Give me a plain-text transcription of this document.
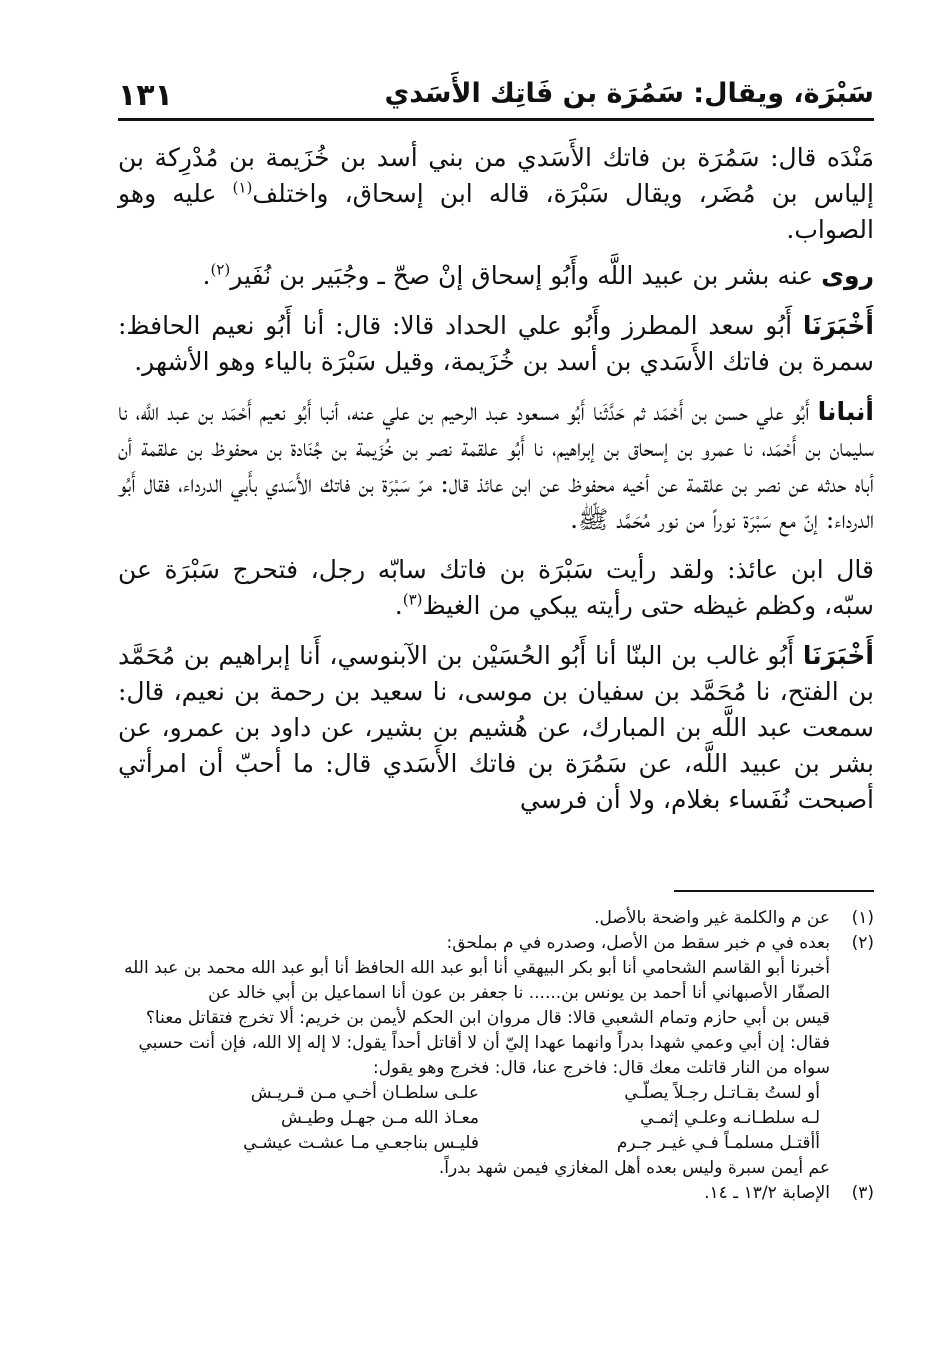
١٣١	سَبْرَة، ويقال: سَمُرَة بن فَاتِك الأَسَدي

مَنْدَه قال: سَمُرَة بن فاتك الأَسَدي من بني أسد بن خُزَيمة بن مُدْرِكة بن إلياس بن مُضَر، ويقال سَبْرَة، قاله ابن إسحاق، واختلف$^{(١)}$ عليه وهو الصواب.

روى عنه بشر بن عبيد اللَّه وأَبُو إسحاق إنْ صحّ ـ وجُبَير بن نُفَير$^{(٢)}$.

أَخْبَرَنَا أَبُو سعد المطرز وأَبُو علي الحداد قالا: قال: أنا أَبُو نعيم الحافظ: سمرة بن فاتك الأَسَدي بن أسد بن خُزَيمة، وقيل سَبْرَة بالياء وهو الأشهر.

أنبانا أَبُو علي حسن بن أَحْمَد ثم حَدَّثَنا أَبُو مسعود عبد الرحيم بن علي عنه، أنبا أَبُو نعيم أَحْمَد بن عبد اللَّه، نا سليمان بن أَحْمَد، نا عمرو بن إسحاق بن إبراهيم، نا أَبُو علقمة نصر بن خُزَيمة بن جُنَادة بن محفوظ بن علقمة أن أباه حدثه عن نصر بن علقمة عن أخيه محفوظ عن ابن عائذ قال: مرّ سَبْرَة بن فاتك الأَسَدي بأَبي الدرداء، فقال أَبُو الدرداء: إنّ مع سَبْرَة نوراً من نور مُحَمَّد ﷺ.

قال ابن عائذ: ولقد رأيت سَبْرَة بن فاتك سابّه رجل، فتحرج سَبْرَة عن سبّه، وكظم غيظه حتى رأيته يبكي من الغيظ$^{(٣)}$.

أَخْبَرَنَا أَبُو غالب بن البنّا أنا أَبُو الحُسَيْن بن الآبنوسي، أَنا إبراهيم بن مُحَمَّد بن الفتح، نا مُحَمَّد بن سفيان بن موسى، نا سعيد بن رحمة بن نعيم، قال: سمعت عبد اللَّه بن المبارك، عن هُشيم بن بشير، عن داود بن عمرو، عن بشر بن عبيد اللَّه، عن سَمُرَة بن فاتك الأَسَدي قال: ما أحبّ أن امرأتي أصبحت نُفَساء بغلام، ولا أن فرسي

(١)
عن م والكلمة غير واضحة بالأصل.
(٢)
بعده في م خبر سقط من الأصل، وصدره في م بملحق:
أخبرنا أبو القاسم الشحامي أنا أبو بكر البيهقي أنا أبو عبد الله الحافظ أنا أبو عبد الله محمد بن عبد الله
الصفّار الأصبهاني أنا أحمد بن يونس بن...... نا جعفر بن عون أنا اسماعيل بن أبي خالد عن
قيس بن أبي حازم وتمام الشعبي قالا: قال مروان ابن الحكم لأيمن بن خريم: ألا تخرج فتقاتل معنا؟
فقال: إن أبي وعمي شهدا بدراً وانهما عهدا إليّ أن لا أقاتل أحداً يقول: لا إله إلا الله، فإن أنت حسبي
سواه من النار قاتلت معك قال: فاخرج عنا، قال: فخرج وهو يقول:
أو لستُ بقـاتـل رجـلاً يصلّـي
علـى سلطـان أخـي مـن قـريـش
لـه سلطـانـه وعلـي إثمـي
معـاذ الله مـن جهـل وطيـش
أأقتـل مسلمـاً فـي غيـر جـرم
فليـس بناجعـي مـا عشـت عيشـي
عم أيمن سبرة وليس بعده أهل المغازي فيمن شهد بدراً.
(٣)
الإصابة ١٣/٢ ـ ١٤.
